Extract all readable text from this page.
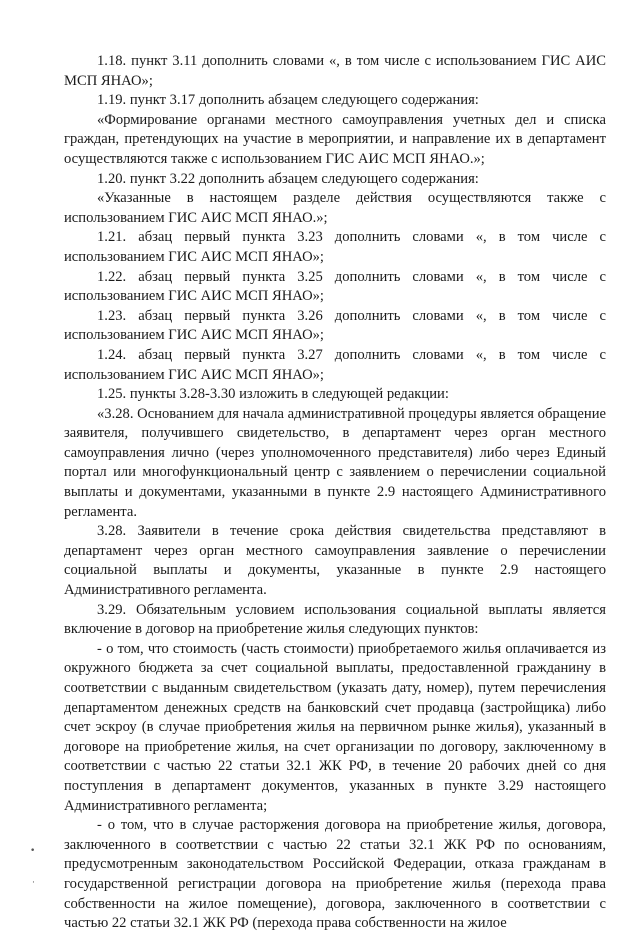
1.18. пункт 3.11 дополнить словами «, в том числе с использованием ГИС АИС МСП ЯНАО»;

1.19. пункт 3.17 дополнить абзацем следующего содержания:

«Формирование органами местного самоуправления учетных дел и списка граждан, претендующих на участие в мероприятии, и направление их в департамент осуществляются также с использованием ГИС АИС МСП ЯНАО.»;

1.20. пункт 3.22 дополнить абзацем следующего содержания:

«Указанные в настоящем разделе действия осуществляются также с использованием ГИС АИС МСП ЯНАО.»;

1.21. абзац первый пункта 3.23 дополнить словами «, в том числе с использованием ГИС АИС МСП ЯНАО»;

1.22. абзац первый пункта 3.25 дополнить словами «, в том числе с использованием ГИС АИС МСП ЯНАО»;

1.23. абзац первый пункта 3.26 дополнить словами «, в том числе с использованием ГИС АИС МСП ЯНАО»;

1.24. абзац первый пункта 3.27 дополнить словами «, в том числе с использованием ГИС АИС МСП ЯНАО»;

1.25. пункты 3.28-3.30 изложить в следующей редакции:

«3.28. Основанием для начала административной процедуры является обращение заявителя, получившего свидетельство, в департамент через орган местного самоуправления лично (через уполномоченного представителя) либо через Единый портал или многофункциональный центр с заявлением о перечислении социальной выплаты и документами, указанными в пункте 2.9 настоящего Административного регламента.

3.28. Заявители в течение срока действия свидетельства представляют в департамент через орган местного самоуправления заявление о перечислении социальной выплаты и документы, указанные в пункте 2.9 настоящего Административного регламента.

3.29. Обязательным условием использования социальной выплаты является включение в договор на приобретение жилья следующих пунктов:

- о том, что стоимость (часть стоимости) приобретаемого жилья оплачивается из окружного бюджета за счет социальной выплаты, предоставленной гражданину в соответствии с выданным свидетельством (указать дату, номер), путем перечисления департаментом денежных средств на банковский счет продавца (застройщика) либо счет эскроу (в случае приобретения жилья на первичном рынке жилья), указанный в договоре на приобретение жилья, на счет организации по договору, заключенному в соответствии с частью 22 статьи 32.1 ЖК РФ, в течение 20 рабочих дней со дня поступления в департамент документов, указанных в пункте 3.29 настоящего Административного регламента;

- о том, что в случае расторжения договора на приобретение жилья, договора, заключенного в соответствии с частью 22 статьи 32.1 ЖК РФ по основаниям, предусмотренным законодательством Российской Федерации, отказа гражданам в государственной регистрации договора на приобретение жилья (перехода права собственности на жилое помещение), договора, заключенного в соответствии с частью 22 статьи 32.1 ЖК РФ (перехода права собственности на жилое

•
·
